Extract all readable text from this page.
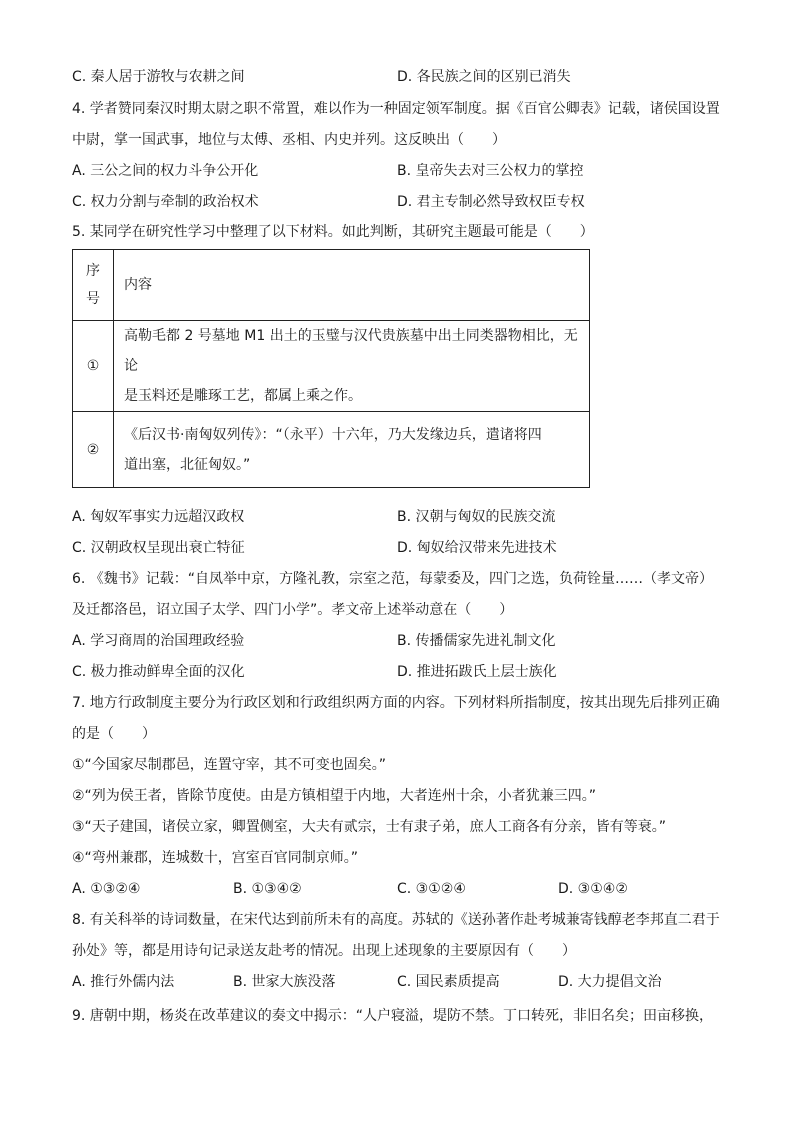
C. 秦人居于游牧与农耕之间	D. 各民族之间的区别已消失
4. 学者赞同秦汉时期太尉之职不常置，难以作为一种固定领军制度。据《百官公卿表》记载，诸侯国设置
中尉，掌一国武事，地位与太傅、丞相、内史并列。这反映出（　　）
A. 三公之间的权力斗争公开化	B. 皇帝失去对三公权力的掌控
C. 权力分割与牵制的政治权术	D. 君主专制必然导致权臣专权
5. 某同学在研究性学习中整理了以下材料。如此判断，其研究主题最可能是（　　）
序
号	内容
①	高勒毛都 2 号墓地 M1 出土的玉璧与汉代贵族墓中出土同类器物相比，无论
是玉料还是雕琢工艺，都属上乘之作。

②	《后汉书·南匈奴列传》：“（永平）十六年，乃大发缘边兵，遣诸将四
道出塞，北征匈奴。”
A. 匈奴军事实力远超汉政权	B. 汉朝与匈奴的民族交流
C. 汉朝政权呈现出衰亡特征	D. 匈奴给汉带来先进技术
6. 《魏书》记载：“自凤举中京，方隆礼教，宗室之范，每蒙委及，四门之选，负荷铨量……（孝文帝）
及迁都洛邑，诏立国子太学、四门小学”。孝文帝上述举动意在（　　）
A. 学习商周的治国理政经验	B. 传播儒家先进礼制文化
C. 极力推动鲜卑全面的汉化	D. 推进拓跋氏上层士族化
7. 地方行政制度主要分为行政区划和行政组织两方面的内容。下列材料所指制度，按其出现先后排列正确
的是（　　）
①“今国家尽制郡邑，连置守宰，其不可变也固矣。”
②“列为侯王者，皆除节度使。由是方镇相望于内地，大者连州十余，小者犹兼三四。”
③“天子建国，诸侯立家，卿置侧室，大夫有贰宗，士有隶子弟，庶人工商各有分亲，皆有等衰。”
④“弯州兼郡，连城数十，宫室百官同制京师。”
A. ①③②④	B. ①③④②	C. ③①②④	D. ③①④②
8. 有关科举的诗词数量，在宋代达到前所未有的高度。苏轼的《送孙著作赴考城兼寄钱醇老李邦直二君于
孙处》等，都是用诗句记录送友赴考的情况。出现上述现象的主要原因有（　　）
A. 推行外儒内法	B. 世家大族没落	C. 国民素质提高	D. 大力提倡文治
9. 唐朝中期，杨炎在改革建议的奏文中揭示：“人户寝溢，堤防不禁。丁口转死，非旧名矣；田亩移换，
